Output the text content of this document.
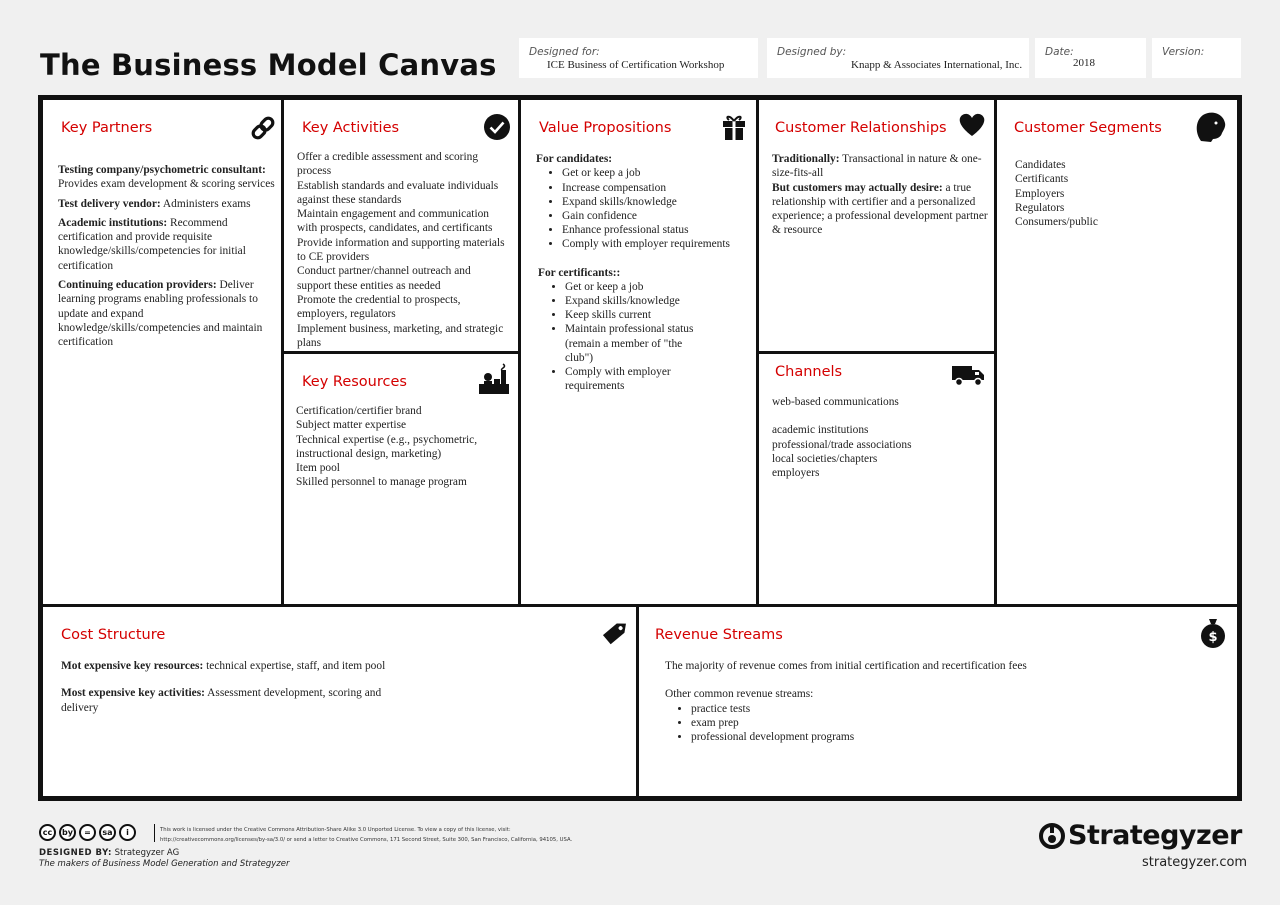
The Business Model Canvas	Designed for:
ICE Business of Certification Workshop
Designed by:
Knapp & Associates International, Inc.
Date:
2018
Version:
Key Partners

Testing company/psychometric consultant: Provides exam development & scoring services

Test delivery vendor: Administers exams

Academic institutions: Recommend certification and provide requisite knowledge/skills/competencies for initial certification

Continuing education providers: Deliver learning programs enabling professionals to update and expand knowledge/skills/competencies and maintain certification

Key Activities

Offer a credible assessment and scoring process

Establish standards and evaluate individuals against these standards

Maintain engagement and communication with prospects, candidates, and certificants

Provide information and supporting materials to CE providers

Conduct partner/channel outreach and support these entities as needed

Promote the credential to prospects, employers, regulators

Implement business, marketing, and strategic plans

Key Resources

Certification/certifier brand

Subject matter expertise

Technical expertise (e.g., psychometric, instructional design, marketing)

Item pool

Skilled personnel to manage program

Value Propositions

For candidates:

• Get or keep a job
• Increase compensation
• Expand skills/knowledge
• Gain confidence
• Enhance professional status
• Comply with employer requirements

For certificants::

• Get or keep a job
• Expand skills/knowledge
• Keep skills current
• Maintain professional status (remain a member of "the club")
• Comply with employer requirements
Customer Relationships

Traditionally: Transactional in nature & one-size-fits-all

But customers may actually desire: a true relationship with certifier and a personalized experience; a professional development partner & resource

Channels

web-based communications

academic institutions

professional/trade associations

local societies/chapters

employers

Customer Segments

Candidates

Certificants

Employers

Regulators

Consumers/public

Cost Structure

Mot expensive key resources: technical expertise, staff, and item pool

Most expensive key activities: Assessment development, scoring and delivery

Revenue Streams	$

The majority of revenue comes from initial certification and recertification fees

Other common revenue streams:

• practice tests
• exam prep
• professional development programs
cc	by	=	sa	i	This work is licensed under the Creative Commons Attribution-Share Alike 3.0 Unported License. To view a copy of this license, visit: http://creativecommons.org/licenses/by-sa/3.0/ or send a letter to Creative Commons, 171 Second Street, Suite 300, San Francisco, California, 94105, USA.
DESIGNED BY: Strategyzer AG
The makers of Business Model Generation and Strategyzer
Strategyzer
strategyzer.com
